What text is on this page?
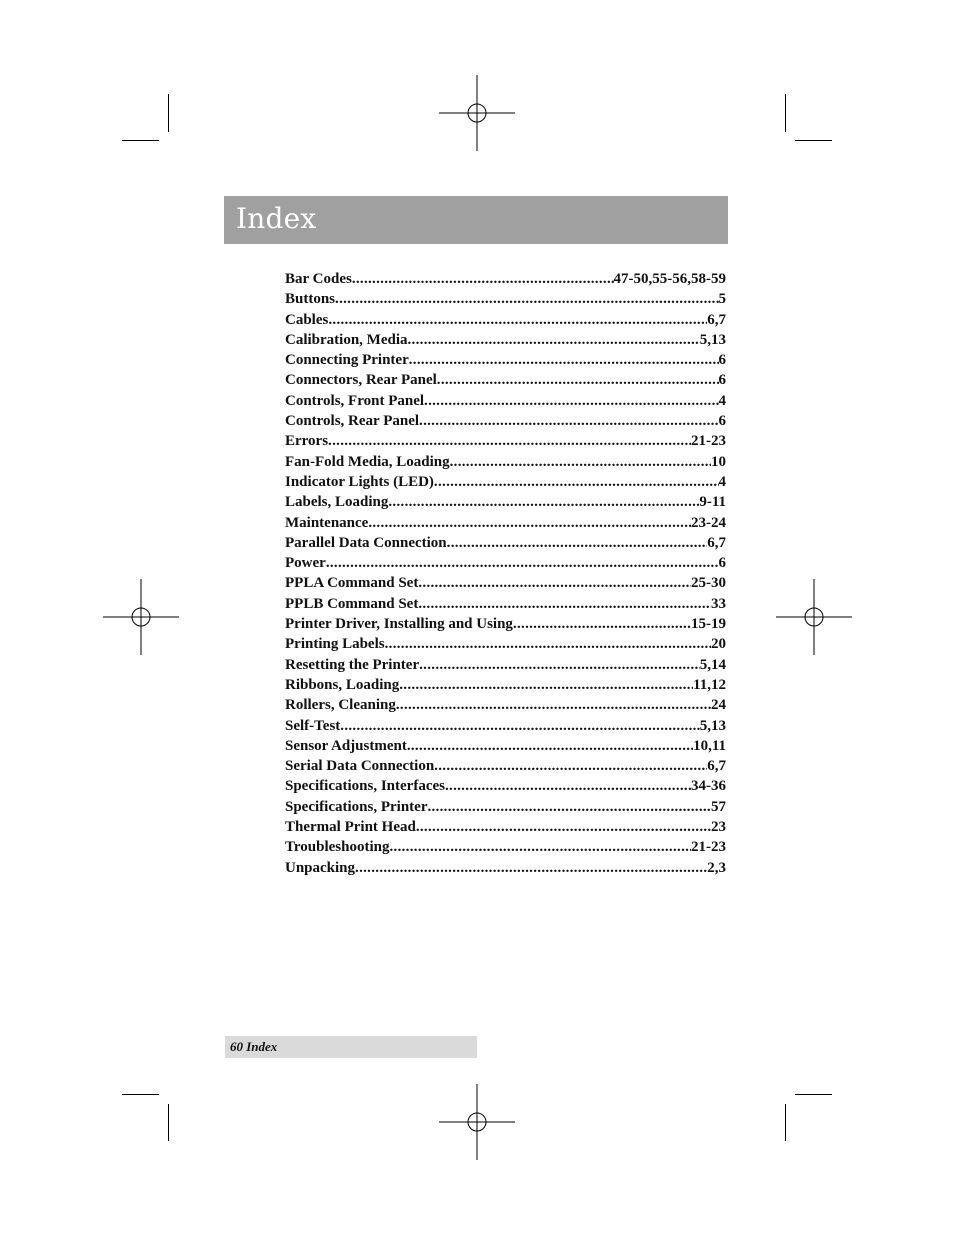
Index
Bar Codes .....	47-50,55-56,58-59
Buttons .....	5
Cables .....	6,7
Calibration, Media .....	5,13
Connecting Printer .....	6
Connectors, Rear Panel .....	6
Controls, Front Panel .....	4
Controls, Rear Panel .....	6
Errors .....	21-23
Fan-Fold Media, Loading .....	10
Indicator Lights (LED) .....	4
Labels, Loading .....	9-11
Maintenance .....	23-24
Parallel Data Connection .....	6,7
Power .....	6
PPLA Command Set .....	25-30
PPLB Command Set .....	33
Printer Driver, Installing and Using .....	15-19
Printing Labels .....	20
Resetting the Printer .....	5,14
Ribbons, Loading .....	11,12
Rollers, Cleaning .....	24
Self-Test .....	5,13
Sensor Adjustment .....	10,11
Serial Data Connection .....	6,7
Specifications, Interfaces .....	34-36
Specifications, Printer .....	57
Thermal Print Head .....	23
Troubleshooting .....	21-23
Unpacking .....	2,3
60 Index
